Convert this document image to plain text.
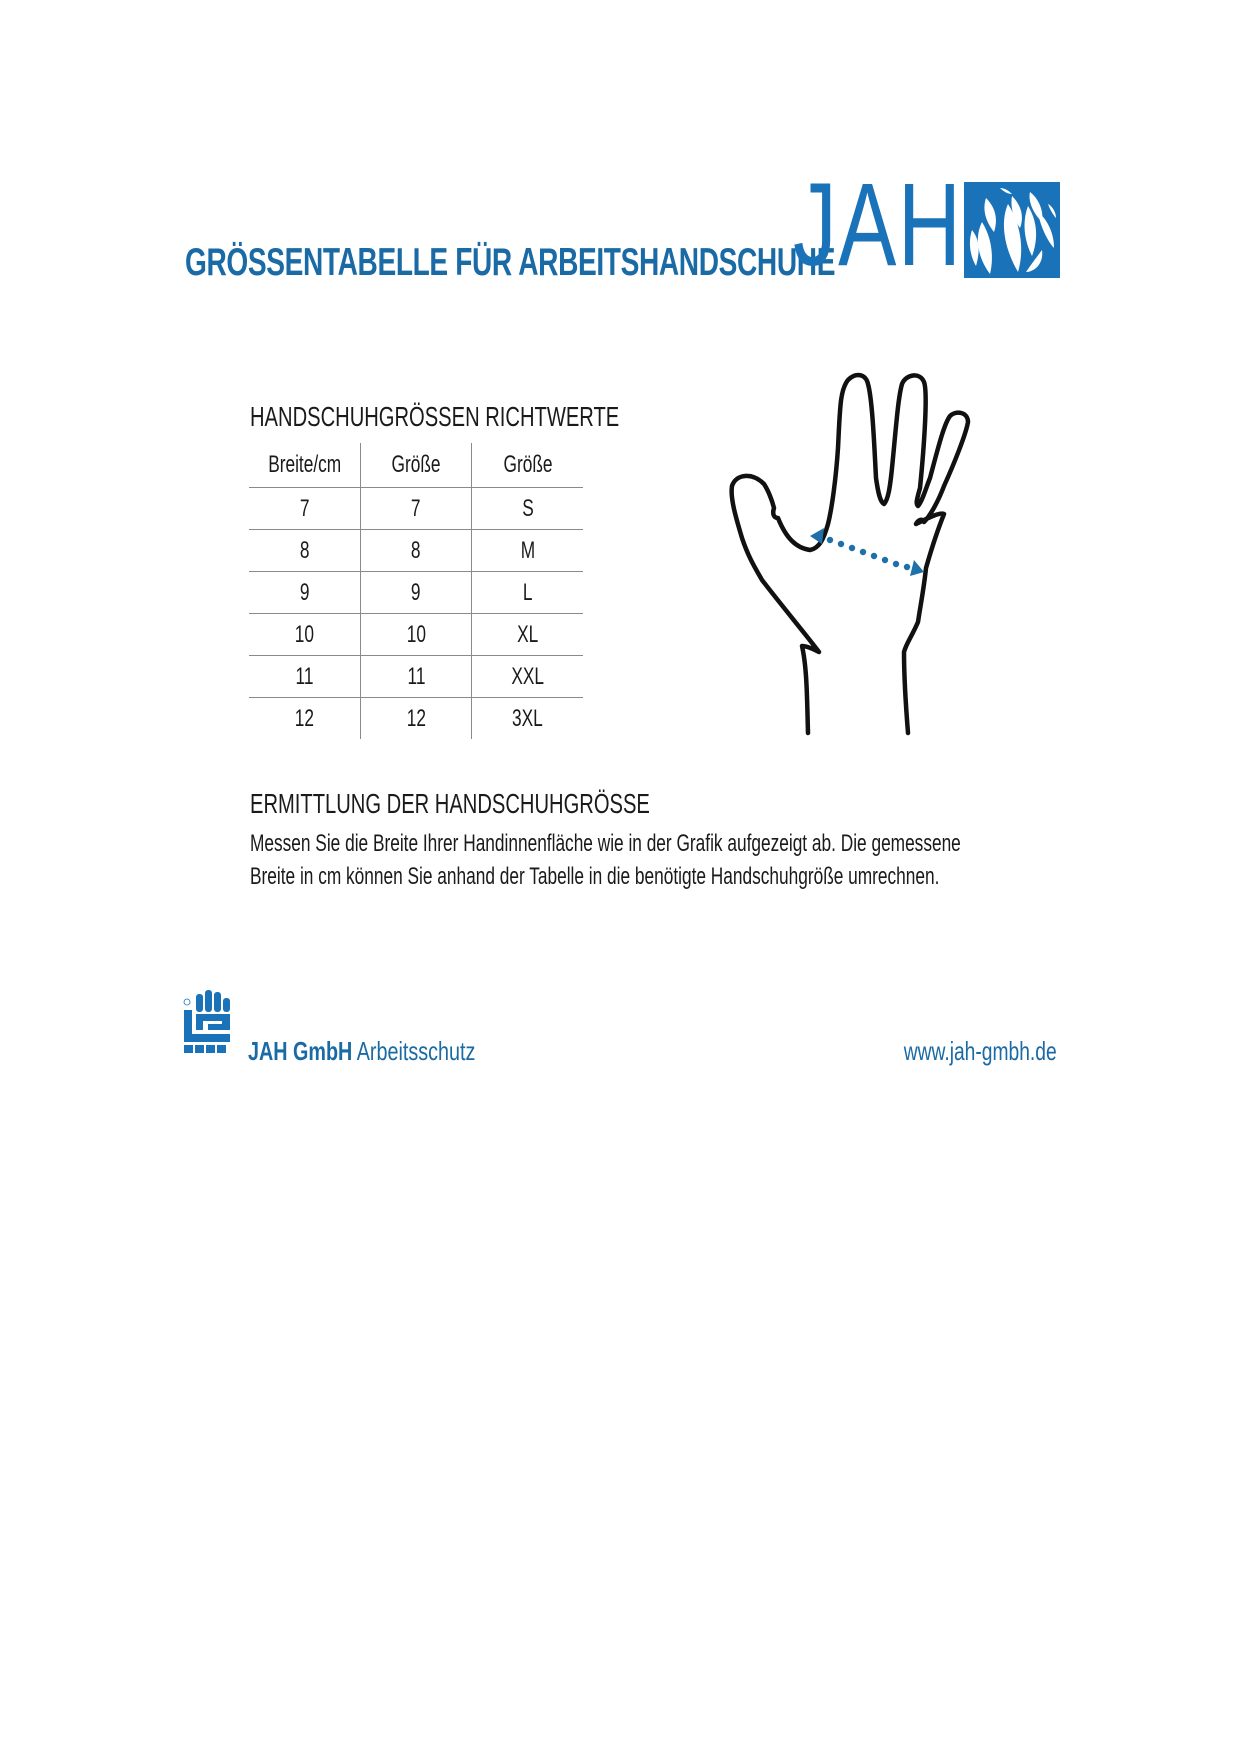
GRÖSSENTABELLE FÜR ARBEITSHANDSCHUHE
JAH
HANDSCHUHGRÖSSEN RICHTWERTE
Breite/cm	Größe	Größe
7	7	S
8	8	M
9	9	L
10	10	XL
11	11	XXL
12	12	3XL
ERMITTLUNG DER HANDSCHUHGRÖSSE
Messen Sie die Breite Ihrer Handinnenfläche wie in der Grafik aufgezeigt ab. Die gemessene
Breite in cm können Sie anhand der Tabelle in die benötigte Handschuhgröße umrechnen.
JAH GmbH Arbeitsschutz	www.jah-gmbh.de
